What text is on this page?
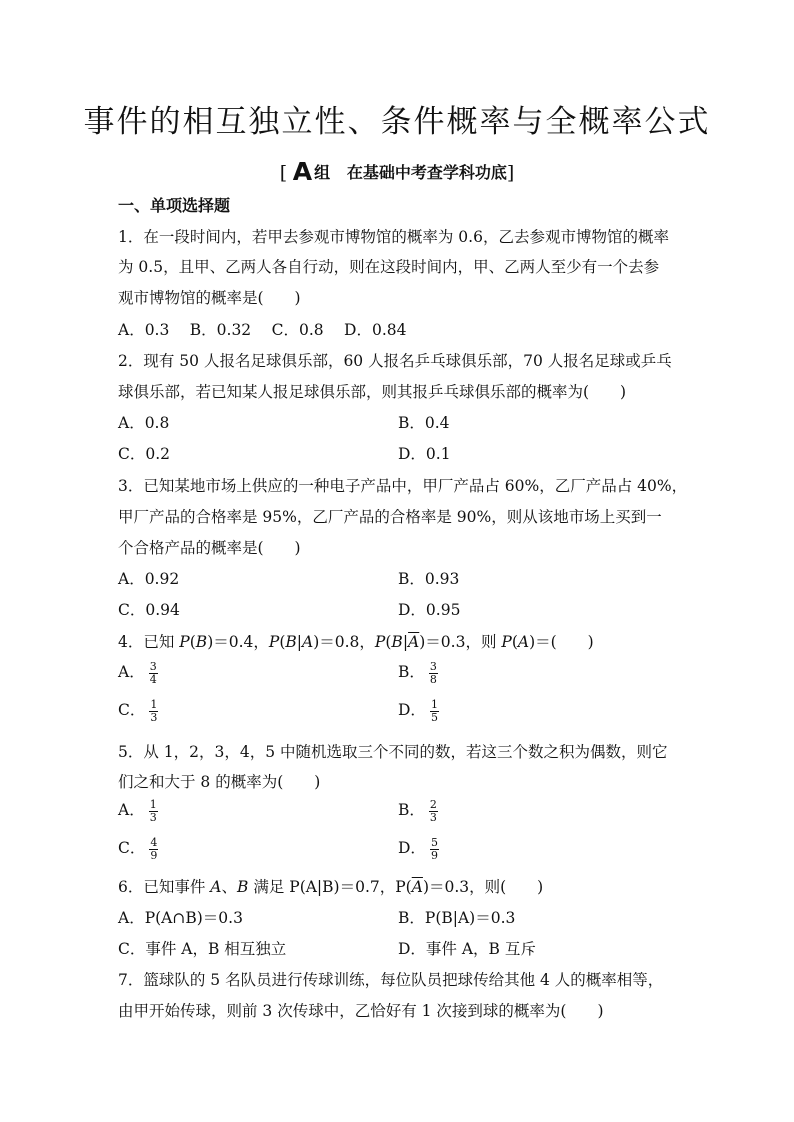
事件的相互独立性、条件概率与全概率公式
[ A 组 在基础中考查学科功底]
一、单项选择题
1．在一段时间内，若甲去参观市博物馆的概率为 0.6，乙去参观市博物馆的概率
为 0.5，且甲、乙两人各自行动，则在这段时间内，甲、乙两人至少有一个去参
观市博物馆的概率是(　　)
A．0.3　 B．0.32　 C．0.8　 D．0.84
2．现有 50 人报名足球俱乐部，60 人报名乒乓球俱乐部，70 人报名足球或乒乓
球俱乐部，若已知某人报足球俱乐部，则其报乒乓球俱乐部的概率为(　　)
A．0.8	B．0.4
C．0.2	D．0.1
3．已知某地市场上供应的一种电子产品中，甲厂产品占 60%，乙厂产品占 40%，
甲厂产品的合格率是 95%，乙厂产品的合格率是 90%，则从该地市场上买到一
个合格产品的概率是(　　)
A．0.92	B．0.93
C．0.94	D．0.95
4．已知 P(B)＝0.4，P(B|A)＝0.8，$P(B|\overline{A})=0.3$，则 P(A)＝(　　)
A． $\frac{3}{4}$	B． $\frac{3}{8}$
C． $\frac{1}{3}$	D． $\frac{1}{5}$
5．从 1，2，3，4，5 中随机选取三个不同的数，若这三个数之积为偶数，则它
们之和大于 8 的概率为(　　)
A． $\frac{1}{3}$	B． $\frac{2}{3}$
C． $\frac{4}{9}$	D． $\frac{5}{9}$
6．已知事件 A、B 满足 P(A|B)＝0.7，$P(\overline{A})=0.3$，则(　　)
A．P(A∩B)＝0.3	B．P(B|A)＝0.3
C．事件 A，B 相互独立	D．事件 A，B 互斥
7．篮球队的 5 名队员进行传球训练，每位队员把球传给其他 4 人的概率相等，
由甲开始传球，则前 3 次传球中，乙恰好有 1 次接到球的概率为(　　)
